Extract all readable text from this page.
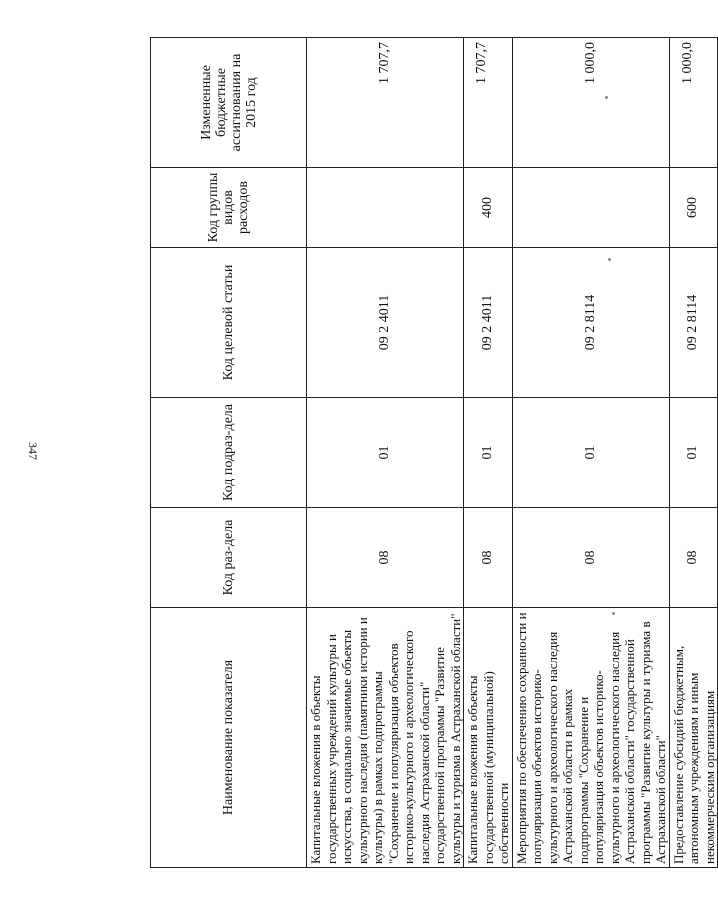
347
Наименование показателя	Код раз-дела	Код подраз-дела	Код целевой статьи	Код группы видов расходов	Измененные бюджетные ассигнования на 2015 год
Капитальные вложения в объекты государственных учреждений культуры и искусства, в социально значимые объекты культурного наследия (памятники истории и культуры) в рамках подпрограммы "Сохранение и популяризация объектов историко-культурного и археологического наследия Астраханской области" государственной программы "Развитие культуры и туризма в Астраханской области"	08	01	09 2 4011		1 707,7
Капитальные вложения в объекты государственной (муниципальной) собственности	08	01	09 2 4011	400	1 707,7
Мероприятия по обеспечению сохранности и популяризации объектов историко-культурного и археологического наследия Астраханской области в рамках подпрограммы "Сохранение и популяризация объектов историко-культурного и археологического наследия Астраханской области" государственной программы "Развитие культуры и туризма в Астраханской области"	08	01	09 2 8114		1 000,0
Предоставление субсидий бюджетным, автономным учреждениям и иным некоммерческим организациям	08	01	09 2 8114	600	1 000,0
